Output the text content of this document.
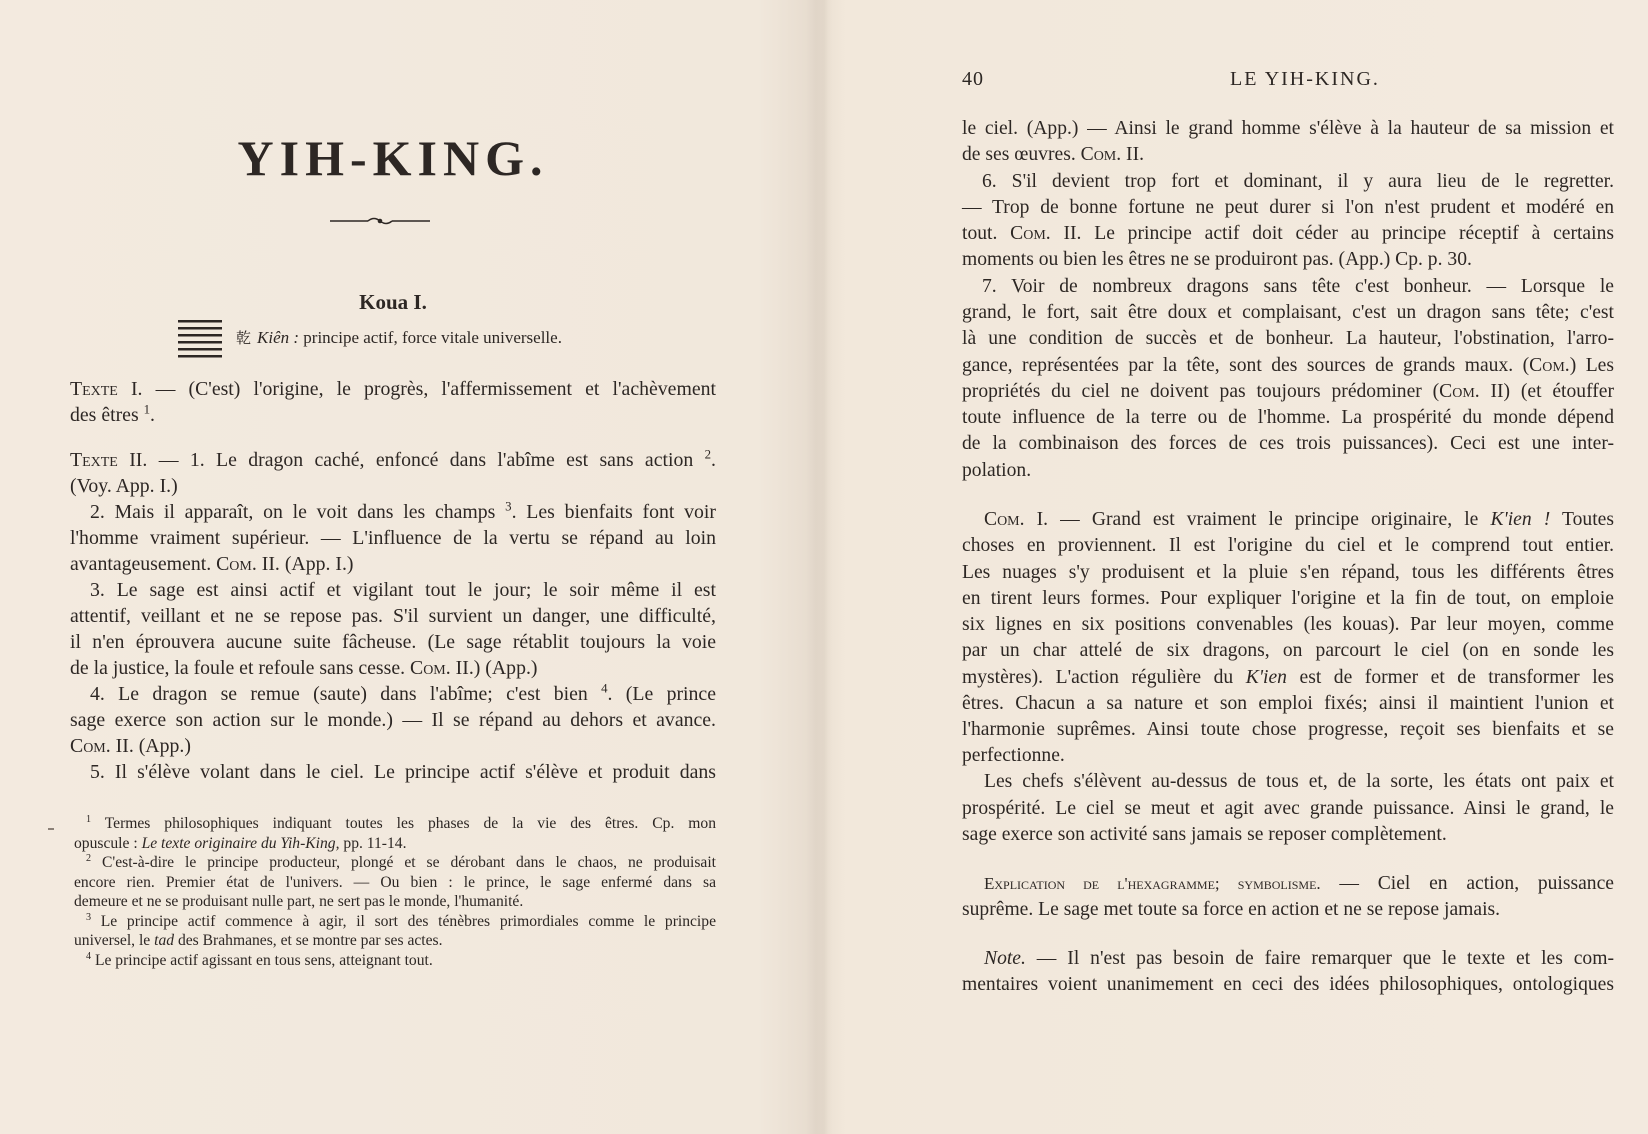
YIH-KING.
Koua I.
乾 Kiên : principe actif, force vitale universelle.
Texte I. — (C'est) l'origine, le progrès, l'affermissement et l'achèvement
des êtres $^1$.
Texte II. — 1. Le dragon caché, enfoncé dans l'abîme est sans action $^2$.
(Voy. App. I.)
2. Mais il apparaît, on le voit dans les champs $^3$. Les bienfaits font voir
l'homme vraiment supérieur. — L'influence de la vertu se répand au loin
avantageusement. Com. II. (App. I.)
3. Le sage est ainsi actif et vigilant tout le jour; le soir même il est
attentif, veillant et ne se repose pas. S'il survient un danger, une difficulté,
il n'en éprouvera aucune suite fâcheuse. (Le sage rétablit toujours la voie
de la justice, la foule et refoule sans cesse. Com. II.) (App.)
4. Le dragon se remue (saute) dans l'abîme; c'est bien $^4$. (Le prince
sage exerce son action sur le monde.) — Il se répand au dehors et avance.
Com. II. (App.)
5. Il s'élève volant dans le ciel. Le principe actif s'élève et produit dans
$^1$ Termes philosophiques indiquant toutes les phases de la vie des êtres. Cp. mon
opuscule : Le texte originaire du Yih-King, pp. 11-14.
$^2$ C'est-à-dire le principe producteur, plongé et se dérobant dans le chaos, ne produisait
encore rien. Premier état de l'univers. — Ou bien : le prince, le sage enfermé dans sa
demeure et ne se produisant nulle part, ne sert pas le monde, l'humanité.
$^3$ Le principe actif commence à agir, il sort des ténèbres primordiales comme le principe
universel, le tad des Brahmanes, et se montre par ses actes.
$^4$ Le principe actif agissant en tous sens, atteignant tout.
40	LE YIH-KING.
le ciel. (App.) — Ainsi le grand homme s'élève à la hauteur de sa mission et
de ses œuvres. Com. II.
6. S'il devient trop fort et dominant, il y aura lieu de le regretter.
— Trop de bonne fortune ne peut durer si l'on n'est prudent et modéré en
tout. Com. II. Le principe actif doit céder au principe réceptif à certains
moments ou bien les êtres ne se produiront pas. (App.) Cp. p. 30.
7. Voir de nombreux dragons sans tête c'est bonheur. — Lorsque le
grand, le fort, sait être doux et complaisant, c'est un dragon sans tête; c'est
là une condition de succès et de bonheur. La hauteur, l'obstination, l'arro-
gance, représentées par la tête, sont des sources de grands maux. (Com.) Les
propriétés du ciel ne doivent pas toujours prédominer (Com. II) (et étouffer
toute influence de la terre ou de l'homme. La prospérité du monde dépend
de la combinaison des forces de ces trois puissances). Ceci est une inter-
polation.
Com. I. — Grand est vraiment le principe originaire, le K'ien ! Toutes
choses en proviennent. Il est l'origine du ciel et le comprend tout entier.
Les nuages s'y produisent et la pluie s'en répand, tous les différents êtres
en tirent leurs formes. Pour expliquer l'origine et la fin de tout, on emploie
six lignes en six positions convenables (les kouas). Par leur moyen, comme
par un char attelé de six dragons, on parcourt le ciel (on en sonde les
mystères). L'action régulière du K'ien est de former et de transformer les
êtres. Chacun a sa nature et son emploi fixés; ainsi il maintient l'union et
l'harmonie suprêmes. Ainsi toute chose progresse, reçoit ses bienfaits et se
perfectionne.
Les chefs s'élèvent au-dessus de tous et, de la sorte, les états ont paix et
prospérité. Le ciel se meut et agit avec grande puissance. Ainsi le grand, le
sage exerce son activité sans jamais se reposer complètement.
Explication de l'hexagramme; symbolisme. — Ciel en action, puissance
suprême. Le sage met toute sa force en action et ne se repose jamais.
Note. — Il n'est pas besoin de faire remarquer que le texte et les com-
mentaires voient unanimement en ceci des idées philosophiques, ontologiques
